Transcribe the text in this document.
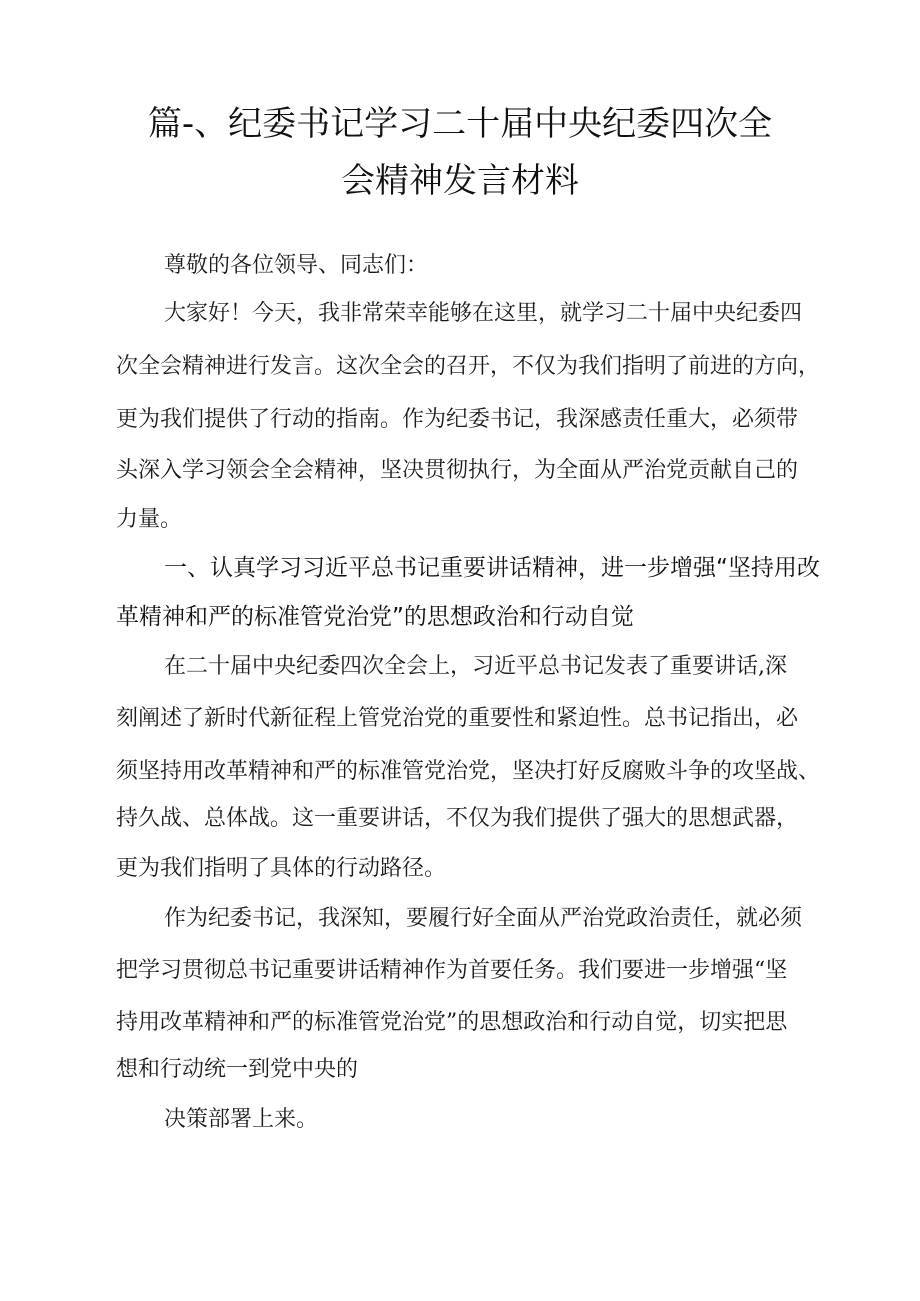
篇-、纪委书记学习二十届中央纪委四次全
会精神发言材料

尊敬的各位领导、同志们：

大家好！今天，我非常荣幸能够在这里，就学习二十届中央纪委四

次全会精神进行发言。这次全会的召开，不仅为我们指明了前进的方向，

更为我们提供了行动的指南。作为纪委书记，我深感责任重大，必须带

头深入学习领会全会精神，坚决贯彻执行，为全面从严治党贡献自己的

力量。

一、认真学习习近平总书记重要讲话精神，进一步增强“坚持用改

革精神和严的标准管党治党”的思想政治和行动自觉

在二十届中央纪委四次全会上，习近平总书记发表了重要讲话,深

刻阐述了新时代新征程上管党治党的重要性和紧迫性。总书记指出，必

须坚持用改革精神和严的标准管党治党，坚决打好反腐败斗争的攻坚战、

持久战、总体战。这一重要讲话，不仅为我们提供了强大的思想武器，

更为我们指明了具体的行动路径。

作为纪委书记，我深知，要履行好全面从严治党政治责任，就必须

把学习贯彻总书记重要讲话精神作为首要任务。我们要进一步增强“坚

持用改革精神和严的标准管党治党”的思想政治和行动自觉，切实把思

想和行动统一到党中央的

决策部署上来。
